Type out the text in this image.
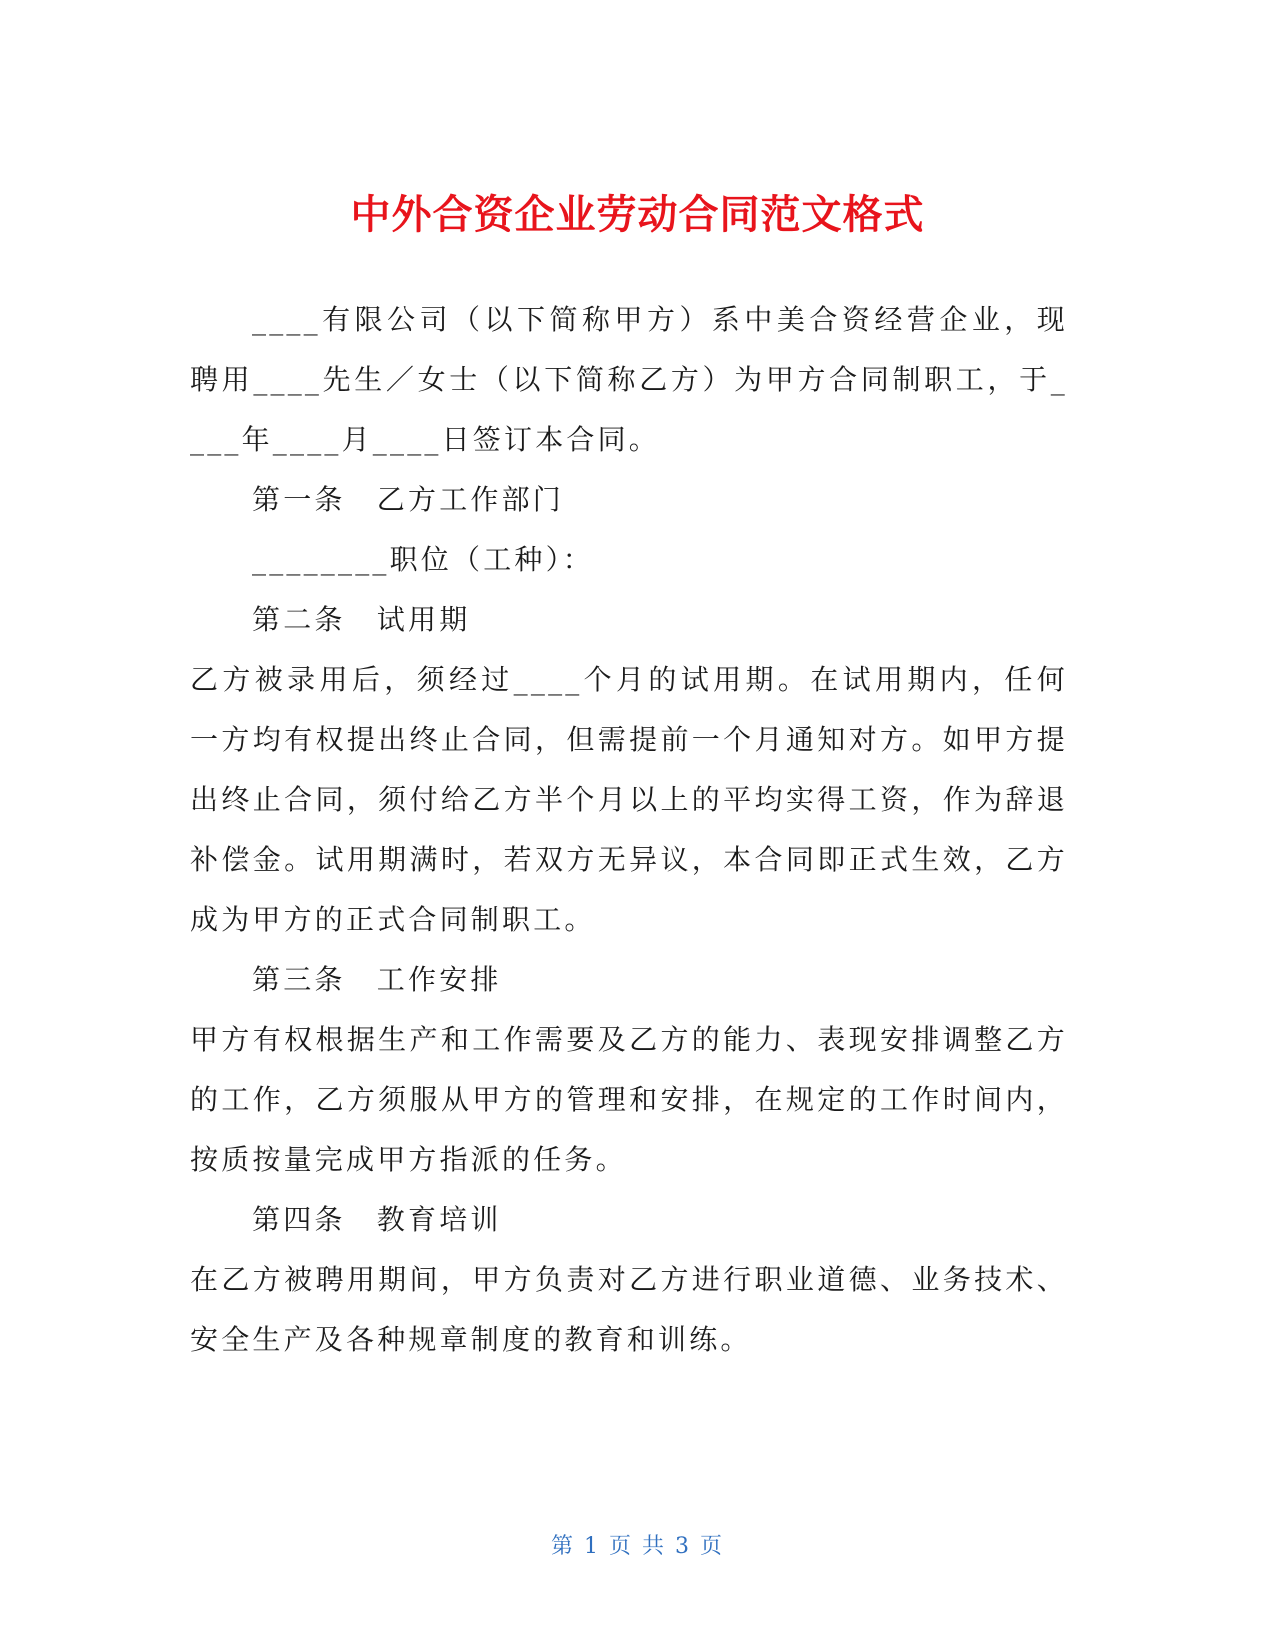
中外合资企业劳动合同范文格式

____有限公司（以下简称甲方）系中美合资经营企业，现聘用____先生／女士（以下简称乙方）为甲方合同制职工，于____年____月____日签订本合同。

第一条　乙方工作部门

________职位（工种）：

第二条　试用期

乙方被录用后，须经过____个月的试用期。在试用期内，任何一方均有权提出终止合同，但需提前一个月通知对方。如甲方提出终止合同，须付给乙方半个月以上的平均实得工资，作为辞退补偿金。试用期满时，若双方无异议，本合同即正式生效，乙方成为甲方的正式合同制职工。

第三条　工作安排

甲方有权根据生产和工作需要及乙方的能力、表现安排调整乙方的工作，乙方须服从甲方的管理和安排，在规定的工作时间内，按质按量完成甲方指派的任务。

第四条　教育培训

在乙方被聘用期间，甲方负责对乙方进行职业道德、业务技术、安全生产及各种规章制度的教育和训练。

第 1 页 共 3 页
